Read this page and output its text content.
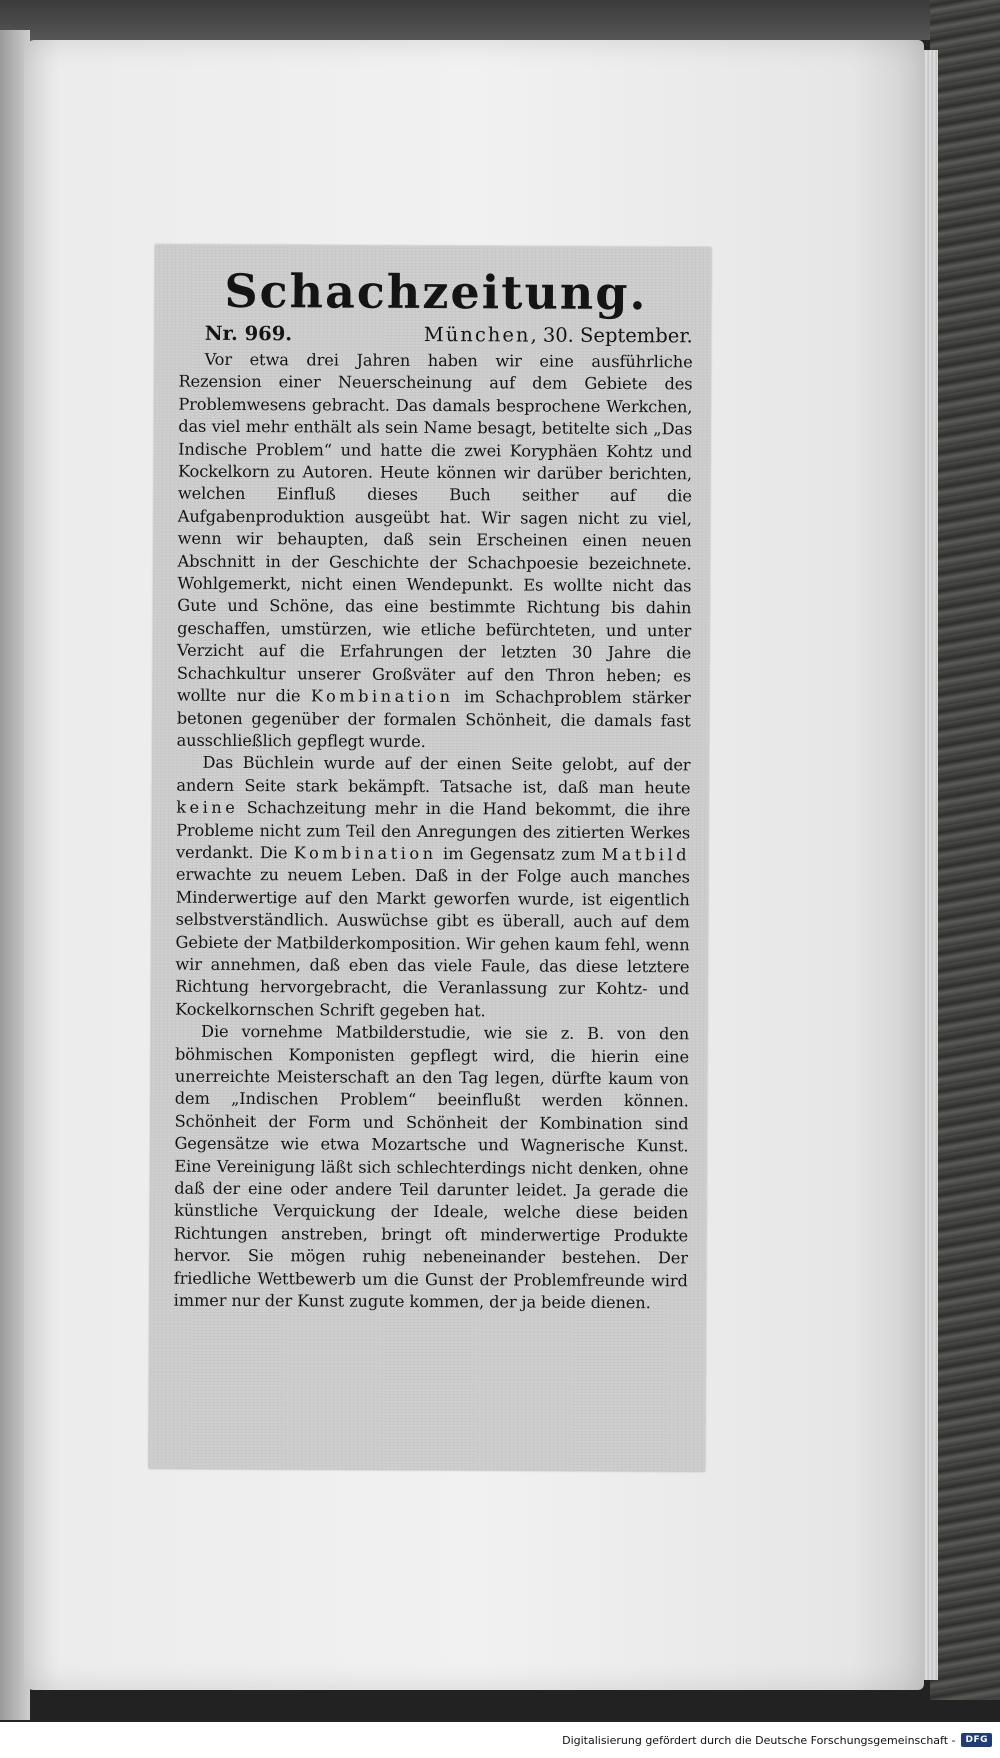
Schachzeitung.
Nr. 969.	München, 30. September.

Vor etwa drei Jahren haben wir eine ausführliche Rezension einer Neuerscheinung auf dem Gebiete des Problemwesens gebracht. Das damals besprochene Werkchen, das viel mehr enthält als sein Name besagt, betitelte sich „Das Indische Problem“ und hatte die zwei Koryphäen Kohtz und Kockelkorn zu Autoren. Heute können wir darüber berichten, welchen Einfluß dieses Buch seither auf die Aufgabenproduktion ausgeübt hat. Wir sagen nicht zu viel, wenn wir behaupten, daß sein Erscheinen einen neuen Abschnitt in der Geschichte der Schachpoesie bezeichnete. Wohlgemerkt, nicht einen Wendepunkt. Es wollte nicht das Gute und Schöne, das eine bestimmte Richtung bis dahin geschaffen, umstürzen, wie etliche befürchteten, und unter Verzicht auf die Erfahrungen der letzten 30 Jahre die Schachkultur unserer Großväter auf den Thron heben; es wollte nur die Kombination im Schachproblem stärker betonen gegenüber der formalen Schönheit, die damals fast ausschließlich gepflegt wurde.

Das Büchlein wurde auf der einen Seite gelobt, auf der andern Seite stark bekämpft. Tatsache ist, daß man heute keine Schachzeitung mehr in die Hand bekommt, die ihre Probleme nicht zum Teil den Anregungen des zitierten Werkes verdankt. Die Kombination im Gegensatz zum Matbild erwachte zu neuem Leben. Daß in der Folge auch manches Minderwertige auf den Markt geworfen wurde, ist eigentlich selbstverständlich. Auswüchse gibt es überall, auch auf dem Gebiete der Matbilderkomposition. Wir gehen kaum fehl, wenn wir annehmen, daß eben das viele Faule, das diese letztere Richtung hervorgebracht, die Veranlassung zur Kohtz- und Kockelkornschen Schrift gegeben hat.

Die vornehme Matbilderstudie, wie sie z. B. von den böhmischen Komponisten gepflegt wird, die hierin eine unerreichte Meisterschaft an den Tag legen, dürfte kaum von dem „Indischen Problem“ beeinflußt werden können. Schönheit der Form und Schönheit der Kombination sind Gegensätze wie etwa Mozartsche und Wagnerische Kunst. Eine Vereinigung läßt sich schlechterdings nicht denken, ohne daß der eine oder andere Teil darunter leidet. Ja gerade die künstliche Verquickung der Ideale, welche diese beiden Richtungen anstreben, bringt oft minderwertige Produkte hervor. Sie mögen ruhig nebeneinander bestehen. Der friedliche Wettbewerb um die Gunst der Problemfreunde wird immer nur der Kunst zugute kommen, der ja beide dienen.

Digitalisierung gefördert durch die Deutsche Forschungsgemeinschaft -	DFG
